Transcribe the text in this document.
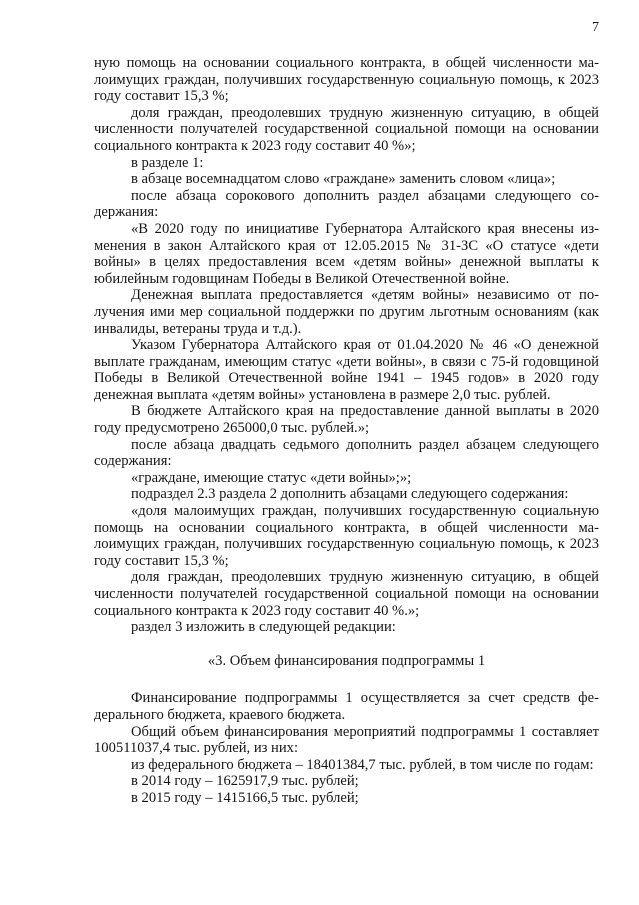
7

ную помощь на основании социального контракта, в общей численности малоимущих граждан, получивших государственную социальную помощь, к 2023 году составит 15,3 %;

доля граждан, преодолевших трудную жизненную ситуацию, в общей численности получателей государственной социальной помощи на основании социального контракта к 2023 году составит 40 %»;

в разделе 1:

в абзаце восемнадцатом слово «граждане» заменить словом «лица»;

после абзаца сорокового дополнить раздел абзацами следующего содержания:

«В 2020 году по инициативе Губернатора Алтайского края внесены изменения в закон Алтайского края от 12.05.2015 № 31-ЗС «О статусе «дети войны» в целях предоставления всем «детям войны» денежной выплаты к юбилейным годовщинам Победы в Великой Отечественной войне.

Денежная выплата предоставляется «детям войны» независимо от получения ими мер социальной поддержки по другим льготным основаниям (как инвалиды, ветераны труда и т.д.).

Указом Губернатора Алтайского края от 01.04.2020 № 46 «О денежной выплате гражданам, имеющим статус «дети войны», в связи с 75-й годовщиной Победы в Великой Отечественной войне 1941 – 1945 годов» в 2020 году денежная выплата «детям войны» установлена в размере 2,0 тыс. рублей.

В бюджете Алтайского края на предоставление данной выплаты в 2020 году предусмотрено 265000,0 тыс. рублей.»;

после абзаца двадцать седьмого дополнить раздел абзацем следующего содержания:

«граждане, имеющие статус «дети войны»;»;

подраздел 2.3 раздела 2 дополнить абзацами следующего содержания:

«доля малоимущих граждан, получивших государственную социальную помощь на основании социального контракта, в общей численности малоимущих граждан, получивших государственную социальную помощь, к 2023 году составит 15,3 %;

доля граждан, преодолевших трудную жизненную ситуацию, в общей численности получателей государственной социальной помощи на основании социального контракта к 2023 году составит 40 %.»;

раздел 3 изложить в следующей редакции:

«3. Объем финансирования подпрограммы 1

Финансирование подпрограммы 1 осуществляется за счет средств федерального бюджета, краевого бюджета.

Общий объем финансирования мероприятий подпрограммы 1 составляет 100511037,4 тыс. рублей, из них:

из федерального бюджета – 18401384,7 тыс. рублей, в том числе по годам:

в 2014 году – 1625917,9 тыс. рублей;

в 2015 году – 1415166,5 тыс. рублей;
